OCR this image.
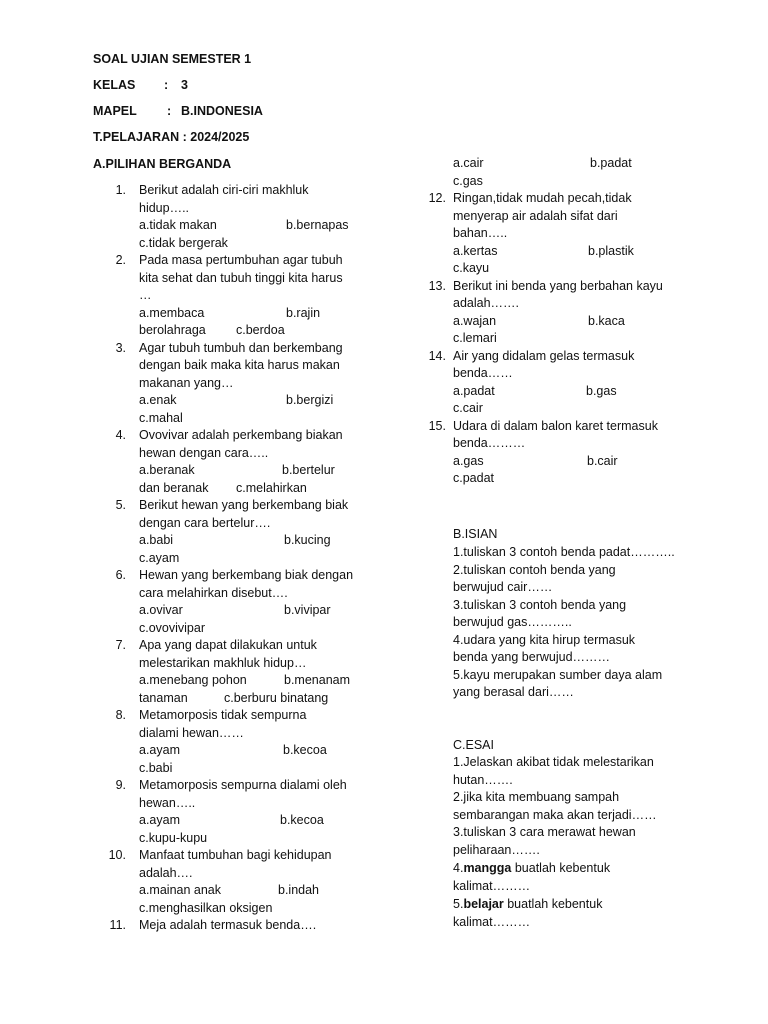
SOAL UJIAN SEMESTER 1
KELAS : 3
MAPEL : B.INDONESIA
T.PELAJARAN : 2024/2025
A.PILIHAN BERGANDA
1. Berikut adalah ciri-ciri makhluk
hidup…..
a.tidak makan	b.bernapas
c.tidak bergerak
2. Pada masa pertumbuhan agar tubuh
kita sehat dan tubuh tinggi kita harus
…
a.membaca	b.rajin
berolahraga c.berdoa
3. Agar tubuh tumbuh dan berkembang
dengan baik maka kita harus makan
makanan yang…
a.enak	b.bergizi
c.mahal
4. Ovovivar adalah perkembang biakan
hewan dengan cara…..
a.beranak	b.bertelur
dan beranak c.melahirkan
5. Berikut hewan yang berkembang biak
dengan cara bertelur….
a.babi	b.kucing
c.ayam
6. Hewan yang berkembang biak dengan
cara melahirkan disebut….
a.ovivar	b.vivipar
c.ovovivipar
7. Apa yang dapat dilakukan untuk
melestarikan makhluk hidup…
a.menebang pohon	b.menanam
tanaman	c.berburu binatang
8. Metamorposis tidak sempurna
dialami hewan……
a.ayam	b.kecoa
c.babi
9. Metamorposis sempurna dialami oleh
hewan…..
a.ayam	b.kecoa
c.kupu-kupu
10. Manfaat tumbuhan bagi kehidupan
adalah….
a.mainan anak	b.indah
c.menghasilkan oksigen
11. Meja adalah termasuk benda….
a.cair	b.padat
c.gas
12. Ringan,tidak mudah pecah,tidak
menyerap air adalah sifat dari
bahan…..
a.kertas	b.plastik
c.kayu
13. Berikut ini benda yang berbahan kayu
adalah…….
a.wajan	b.kaca
c.lemari
14. Air yang didalam gelas termasuk
benda……
a.padat	b.gas
c.cair
15. Udara di dalam balon karet termasuk
benda………
a.gas	b.cair
c.padat
B.ISIAN
1.tuliskan 3 contoh benda padat………..
2.tuliskan contoh benda yang
berwujud cair……
3.tuliskan 3 contoh benda yang
berwujud gas………..
4.udara yang kita hirup termasuk
benda yang berwujud………
5.kayu merupakan sumber daya alam
yang berasal dari……
C.ESAI
1.Jelaskan akibat tidak melestarikan
hutan…….
2.jika kita membuang sampah
sembarangan maka akan terjadi……
3.tuliskan 3 cara merawat hewan
peliharaan…….
4.mangga buatlah kebentuk
kalimat………
5.belajar buatlah kebentuk
kalimat………
